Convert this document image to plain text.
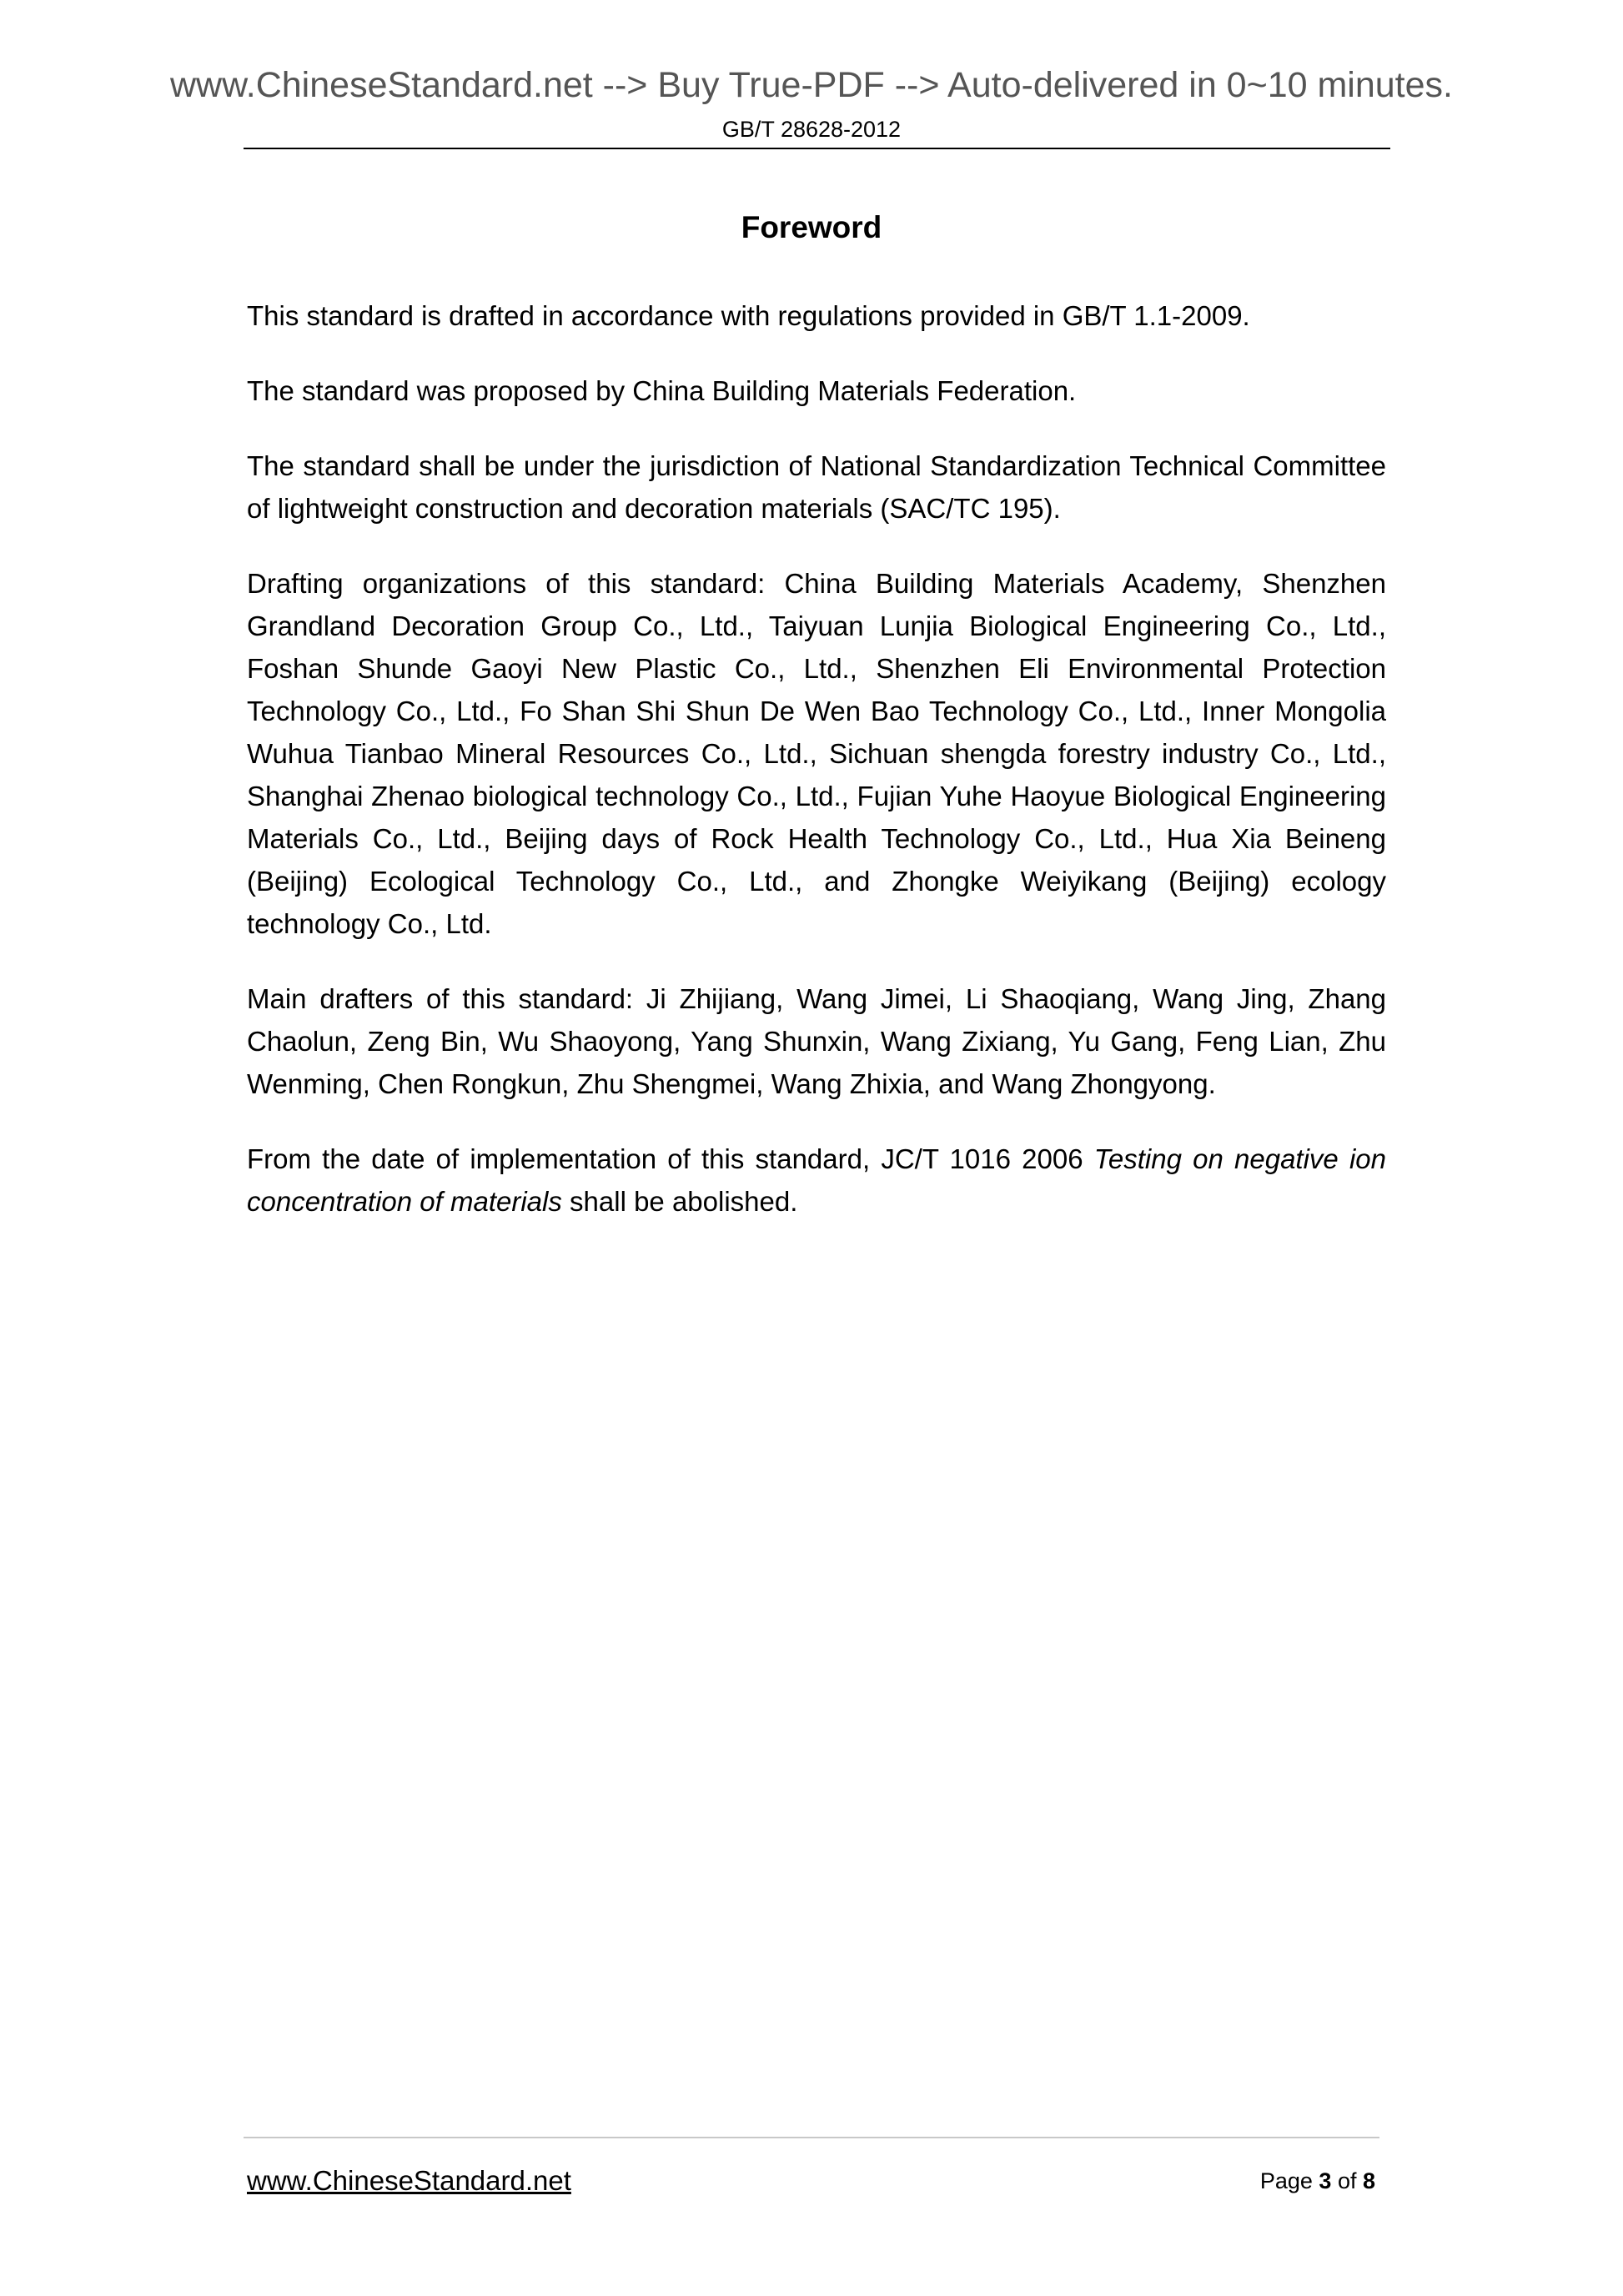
www.ChineseStandard.net --> Buy True-PDF --> Auto-delivered in 0~10 minutes.
GB/T 28628-2012
Foreword

This standard is drafted in accordance with regulations provided in GB/T 1.1-2009.

The standard was proposed by China Building Materials Federation.

The standard shall be under the jurisdiction of National Standardization Technical Committee of lightweight construction and decoration materials (SAC/TC 195).

Drafting organizations of this standard: China Building Materials Academy, Shenzhen Grandland Decoration Group Co., Ltd., Taiyuan Lunjia Biological Engineering Co., Ltd., Foshan Shunde Gaoyi New Plastic Co., Ltd., Shenzhen Eli Environmental Protection Technology Co., Ltd., Fo Shan Shi Shun De Wen Bao Technology Co., Ltd., Inner Mongolia Wuhua Tianbao Mineral Resources Co., Ltd., Sichuan shengda forestry industry Co., Ltd., Shanghai Zhenao biological technology Co., Ltd., Fujian Yuhe Haoyue Biological Engineering Materials Co., Ltd., Beijing days of Rock Health Technology Co., Ltd., Hua Xia Beineng (Beijing) Ecological Technology Co., Ltd., and Zhongke Weiyikang (Beijing) ecology technology Co., Ltd.

Main drafters of this standard: Ji Zhijiang, Wang Jimei, Li Shaoqiang, Wang Jing, Zhang Chaolun, Zeng Bin, Wu Shaoyong, Yang Shunxin, Wang Zixiang, Yu Gang, Feng Lian, Zhu Wenming, Chen Rongkun, Zhu Shengmei, Wang Zhixia, and Wang Zhongyong.

From the date of implementation of this standard, JC/T 1016 2006 Testing on negative ion concentration of materials shall be abolished.

www.ChineseStandard.net	Page 3 of 8
